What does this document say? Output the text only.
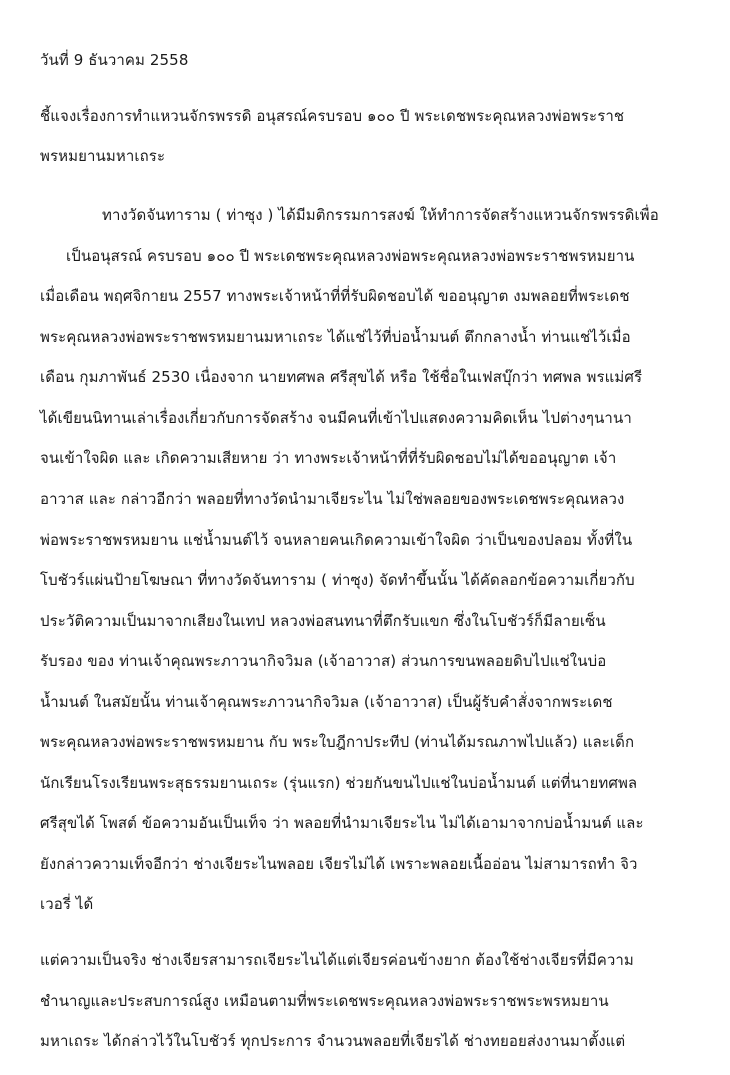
วันที่ 9 ธันวาคม 2558
ชี้แจงเรื่องการทำแหวนจักรพรรดิ อนุสรณ์ครบรอบ ๑๐๐ ปี พระเดชพระคุณหลวงพ่อพระราช
พรหมยานมหาเถระ
ทางวัดจันทาราม ( ท่าซุง ) ได้มีมติกรรมการสงฆ์ ให้ทำการจัดสร้างแหวนจักรพรรดิเพื่อ
เป็นอนุสรณ์ ครบรอบ ๑๐๐ ปี พระเดชพระคุณหลวงพ่อพระคุณหลวงพ่อพระราชพรหมยาน
เมื่อเดือน พฤศจิกายน 2557 ทางพระเจ้าหน้าที่ที่รับผิดชอบได้ ขออนุญาต งมพลอยที่พระเดช
พระคุณหลวงพ่อพระราชพรหมยานมหาเถระ ได้แช่ไว้ที่บ่อน้ำมนต์ ตึกกลางน้ำ ท่านแช่ไว้เมื่อ
เดือน กุมภาพันธ์ 2530 เนื่องจาก นายทศพล ศรีสุขได้ หรือ ใช้ชื่อในเฟสบุ๊กว่า ทศพล พรแม่ศรี
ได้เขียนนิทานเล่าเรื่องเกี่ยวกับการจัดสร้าง จนมีคนที่เข้าไปแสดงความคิดเห็น ไปต่างๆนานา
จนเข้าใจผิด และ เกิดความเสียหาย ว่า ทางพระเจ้าหน้าที่ที่รับผิดชอบไม่ได้ขออนุญาต เจ้า
อาวาส และ กล่าวอีกว่า พลอยที่ทางวัดนำมาเจียระไน ไม่ใช่พลอยของพระเดชพระคุณหลวง
พ่อพระราชพรหมยาน แช่น้ำมนต์ไว้ จนหลายคนเกิดความเข้าใจผิด ว่าเป็นของปลอม ทั้งที่ใน
โบชัวร์แผ่นป้ายโฆษณา ที่ทางวัดจันทาราม ( ท่าซุง) จัดทำขึ้นนั้น ได้คัดลอกข้อความเกี่ยวกับ
ประวัติความเป็นมาจากเสียงในเทป หลวงพ่อสนทนาที่ตึกรับแขก ซึ่งในโบชัวร์ก็มีลายเซ็น
รับรอง ของ ท่านเจ้าคุณพระภาวนากิจวิมล (เจ้าอาวาส) ส่วนการขนพลอยดิบไปแช่ในบ่อ
น้ำมนต์ ในสมัยนั้น ท่านเจ้าคุณพระภาวนากิจวิมล (เจ้าอาวาส) เป็นผู้รับคำสั่งจากพระเดช
พระคุณหลวงพ่อพระราชพรหมยาน กับ พระใบฎีกาประทีป (ท่านได้มรณภาพไปแล้ว) และเด็ก
นักเรียนโรงเรียนพระสุธรรมยานเถระ (รุ่นแรก) ช่วยกันขนไปแช่ในบ่อน้ำมนต์ แต่ที่นายทศพล
ศรีสุขได้ โพสต์ ข้อความอันเป็นเท็จ ว่า พลอยที่นำมาเจียระไน ไม่ได้เอามาจากบ่อน้ำมนต์ และ
ยังกล่าวความเท็จอีกว่า ช่างเจียระไนพลอย เจียรไม่ได้ เพราะพลอยเนื้ออ่อน ไม่สามารถทำ จิว
เวอรี่ ได้
แต่ความเป็นจริง ช่างเจียรสามารถเจียระไนได้แต่เจียรค่อนข้างยาก ต้องใช้ช่างเจียรที่มีความ
ชำนาญและประสบการณ์สูง เหมือนตามที่พระเดชพระคุณหลวงพ่อพระราชพระพรหมยาน
มหาเถระ ได้กล่าวไว้ในโบชัวร์ ทุกประการ จำนวนพลอยที่เจียรได้ ช่างทยอยส่งงานมาตั้งแต่
